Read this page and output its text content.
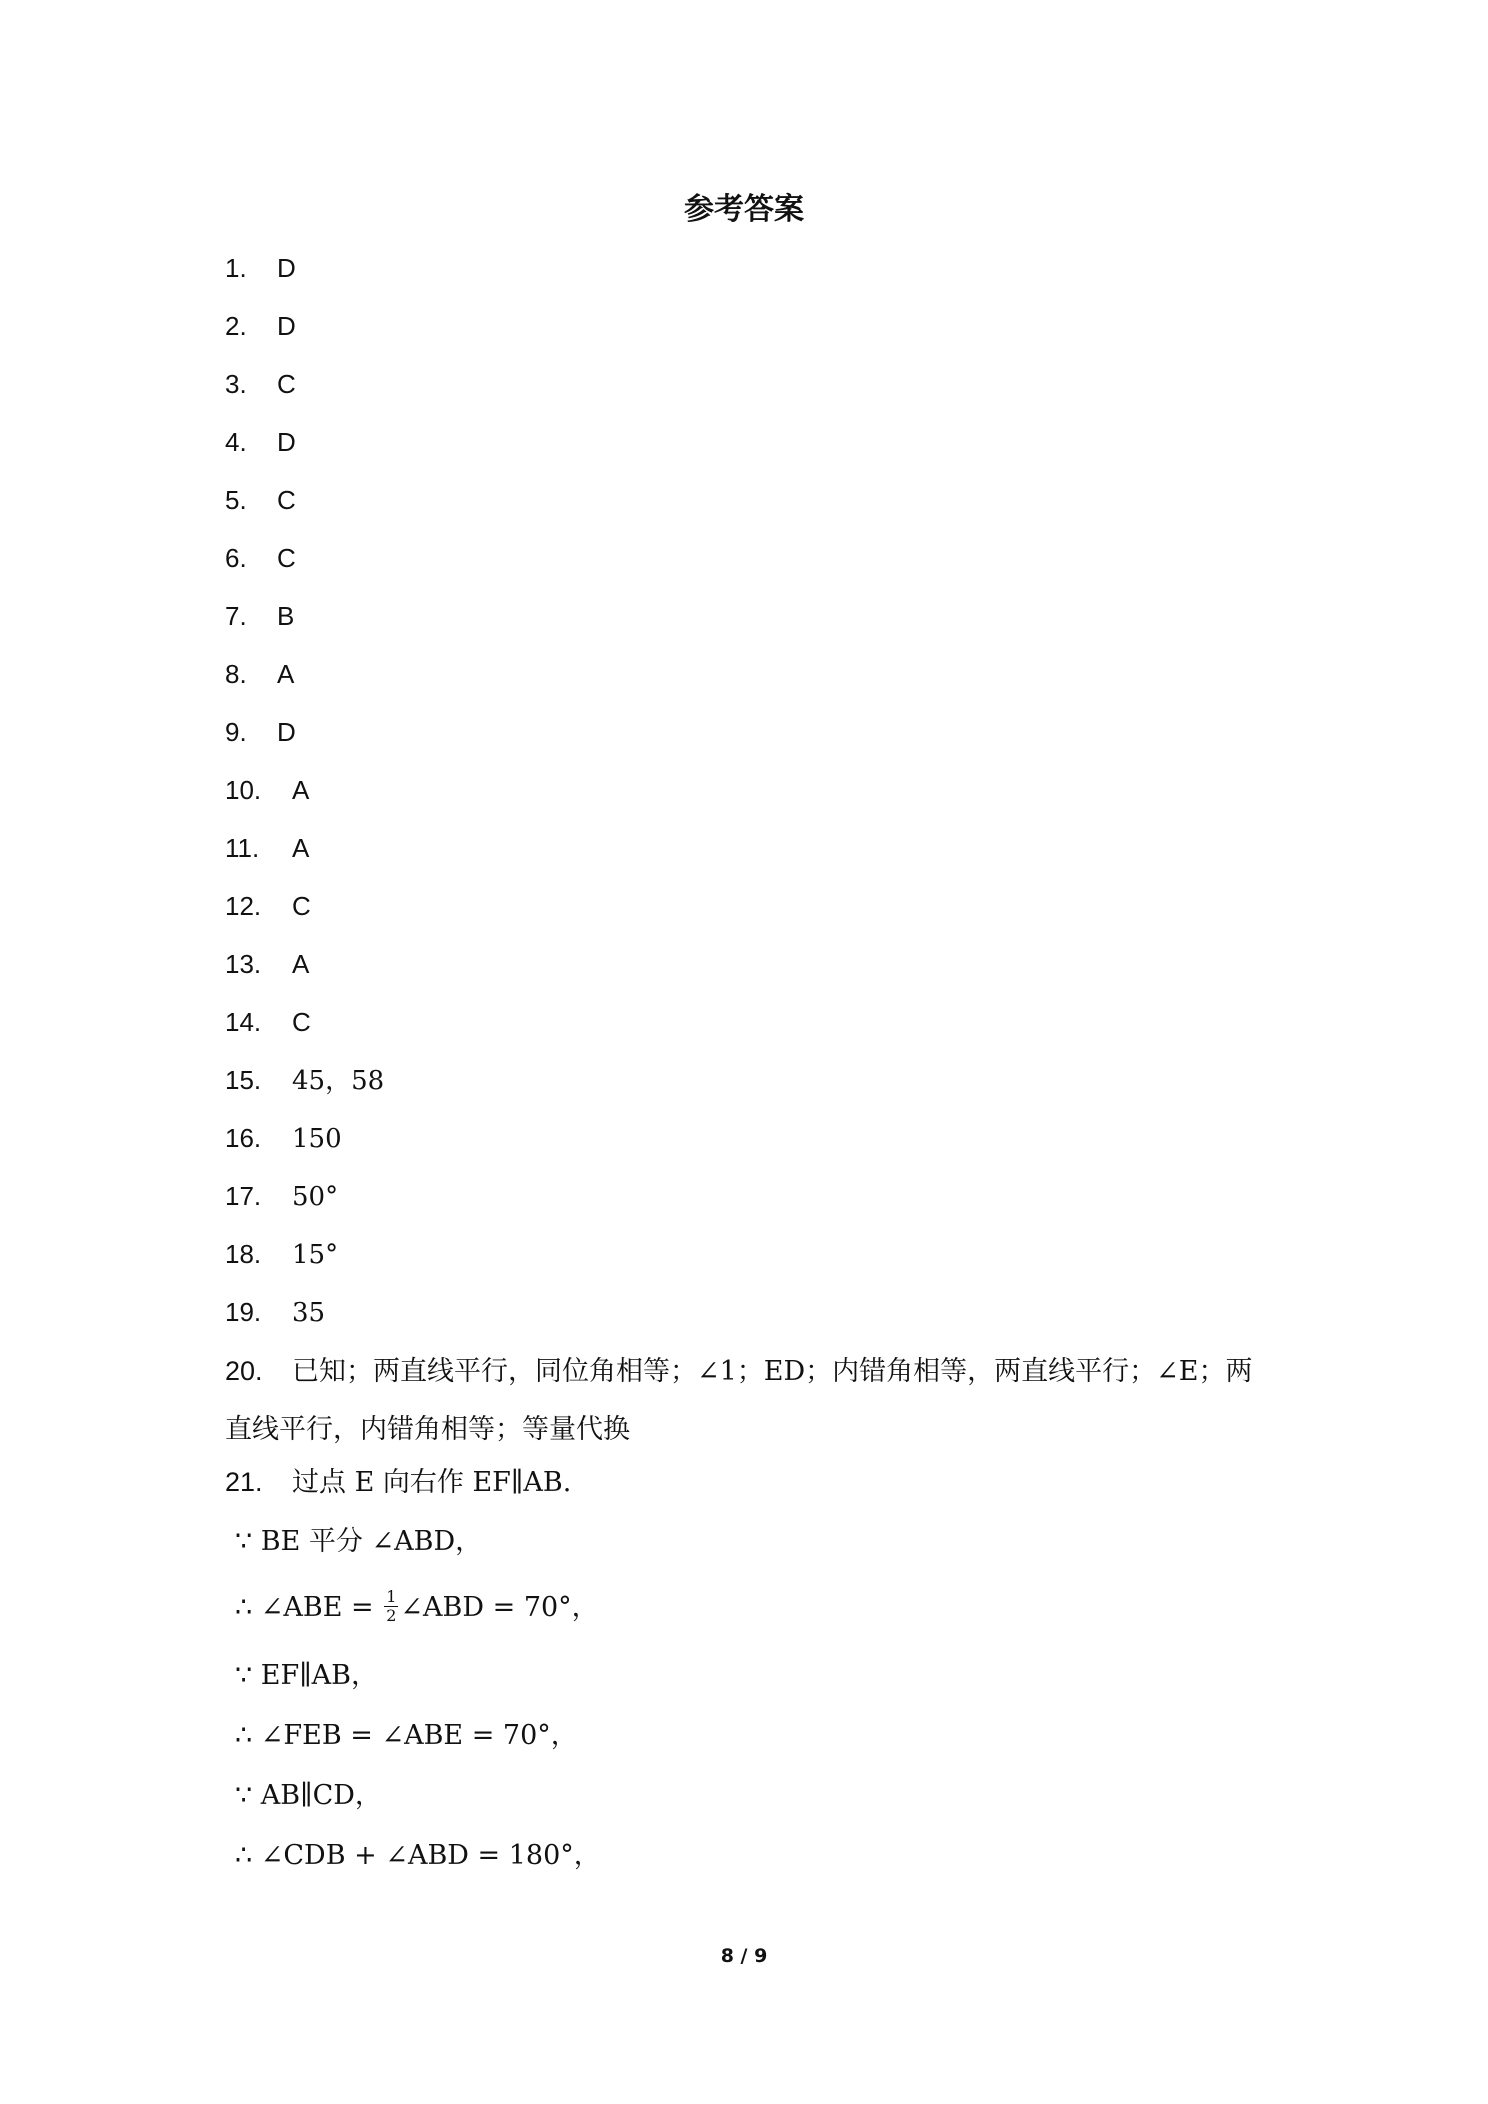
参考答案
1. D
2. D
3. C
4. D
5. C
6. C
7. B
8. A
9. D
10. A
11. A
12. C
13. A
14. C
15. 45，58
16. 150
17. 50°
18. 15°
19. 35
20. 已知；两直线平行，同位角相等；∠1；ED；内错角相等，两直线平行；∠E；两直线平行，内错角相等；等量代换
21. 过点 E 向右作 EF∥AB.
∵ BE 平分 ∠ABD，
∴ ∠ABE = $\frac{1}{2}$ ∠ABD = 70°，
∵ EF∥AB，
∴ ∠FEB = ∠ABE = 70°，
∵ AB∥CD，
∴ ∠CDB + ∠ABD = 180°，
8 / 9
